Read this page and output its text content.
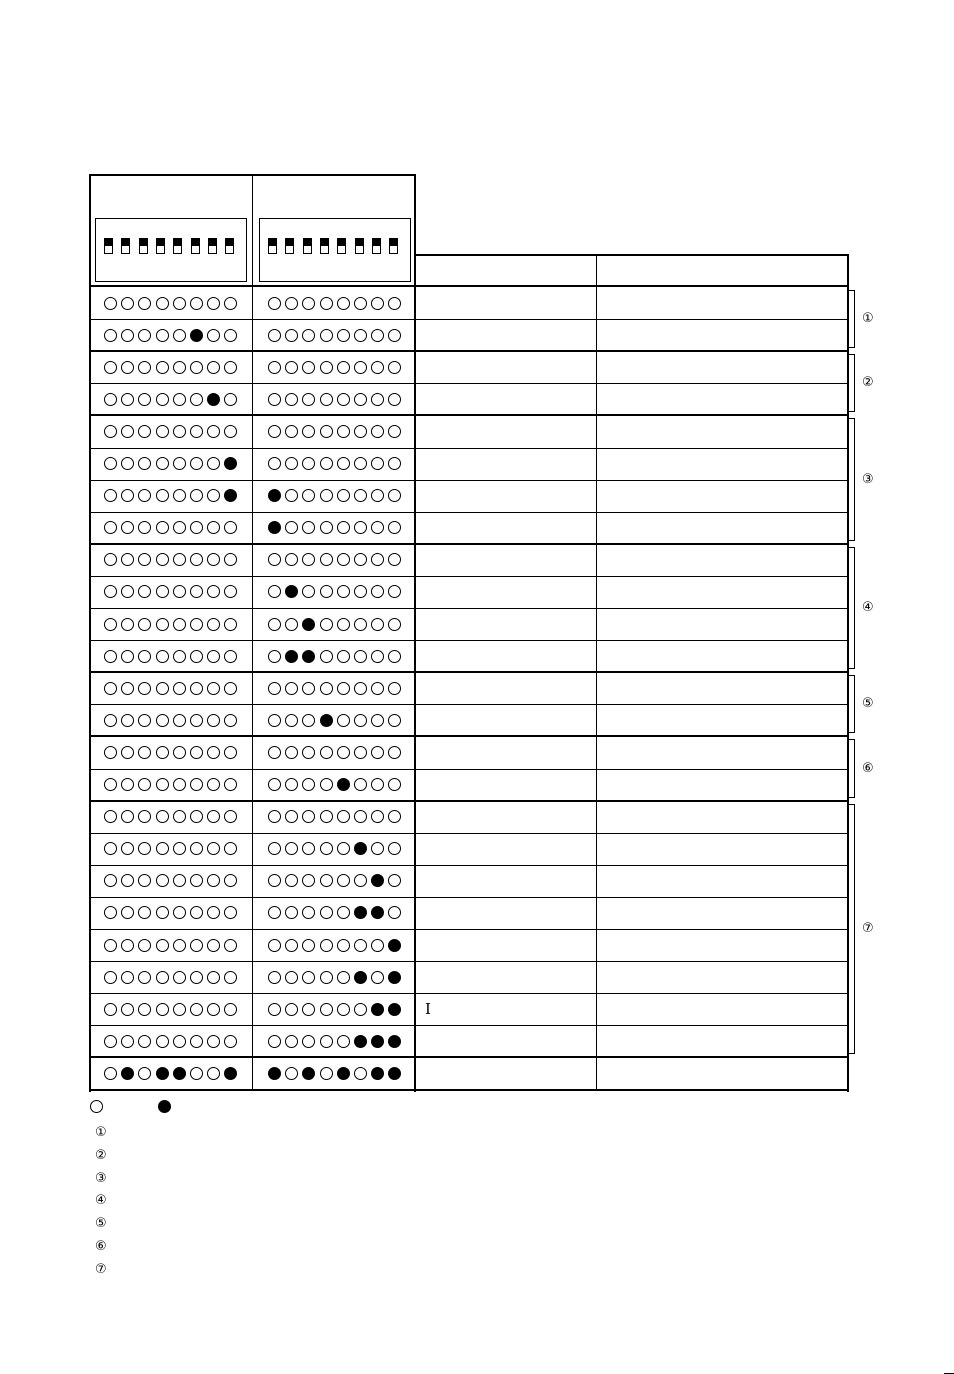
I
①
②
③
④
⑤
⑥
⑦
①
②
③
④
⑤
⑥
⑦
